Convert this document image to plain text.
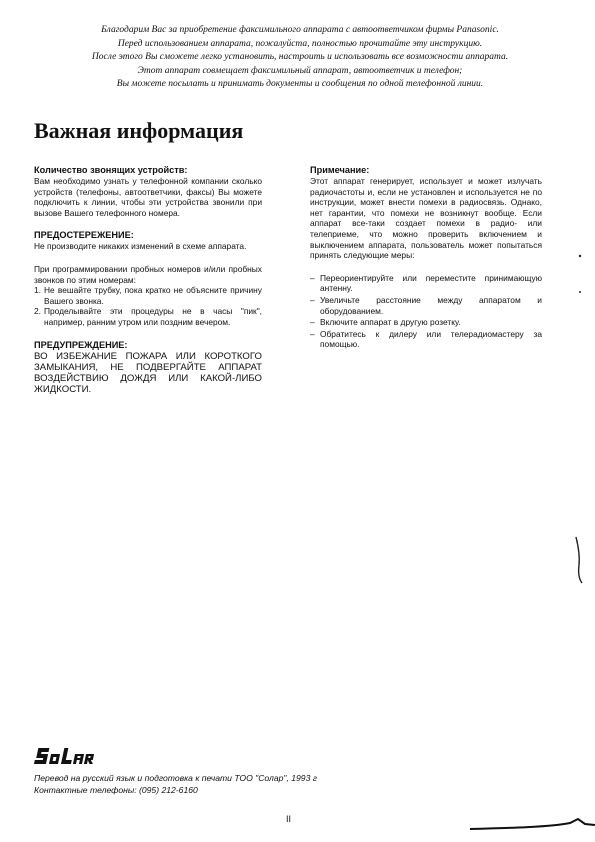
Благодарим Вас за приобретение факсимильного аппарата с автоответчиком фирмы Panasonic.
Перед использованием аппарата, пожалуйста, полностью прочитайте эту инструкцию.
После этого Вы сможете легко установить, настроить и использовать все возможности аппарата.
Этот аппарат совмещает факсимильный аппарат, автоответчик и телефон;
Вы можете посылать и принимать документы и сообщения по одной телефонной линии.
Важная информация
Количество звонящих устройств:
Вам необходимо узнать у телефонной компании сколько устройств (телефоны, автоответчики, факсы) Вы можете подключить к линии, чтобы эти устройства звонили при вызове Вашего телефонного номера.
ПРЕДОСТЕРЕЖЕНИЕ:
Не производите никаких изменений в схеме аппарата.
При программировании пробных номеров и/или пробных звонков по этим номерам:
1. Не вешайте трубку, пока кратко не объясните причину Вашего звонка.
2. Проделывайте эти процедуры не в часы "пик", например, ранним утром или поздним вечером.
ПРЕДУПРЕЖДЕНИЕ:
ВО ИЗБЕЖАНИЕ ПОЖАРА ИЛИ КОРОТКОГО ЗАМЫКАНИЯ, НЕ ПОДВЕРГАЙТЕ АППАРАТ ВОЗДЕЙСТВИЮ ДОЖДЯ ИЛИ КАКОЙ-ЛИБО ЖИДКОСТИ.
Примечание:
Этот аппарат генерирует, использует и может излучать радиочастоты и, если не установлен и используется не по инструкции, может внести помехи в радиосвязь. Однако, нет гарантии, что помехи не возникнут вообще. Если аппарат все-таки создает помехи в радио- или телеприеме, что можно проверить включением и выключением аппарата, пользователь может попытаться принять следующие меры:
– Переориентируйте или переместите принимающую антенну.
– Увеличьте расстояние между аппаратом и оборудованием.
– Включите аппарат в другую розетку.
– Обратитесь к дилеру или телерадиомастеру за помощью.
Перевод на русский язык и подготовка к печати ТОО "Солар", 1993 г
Контактные телефоны: (095) 212-6160
II
